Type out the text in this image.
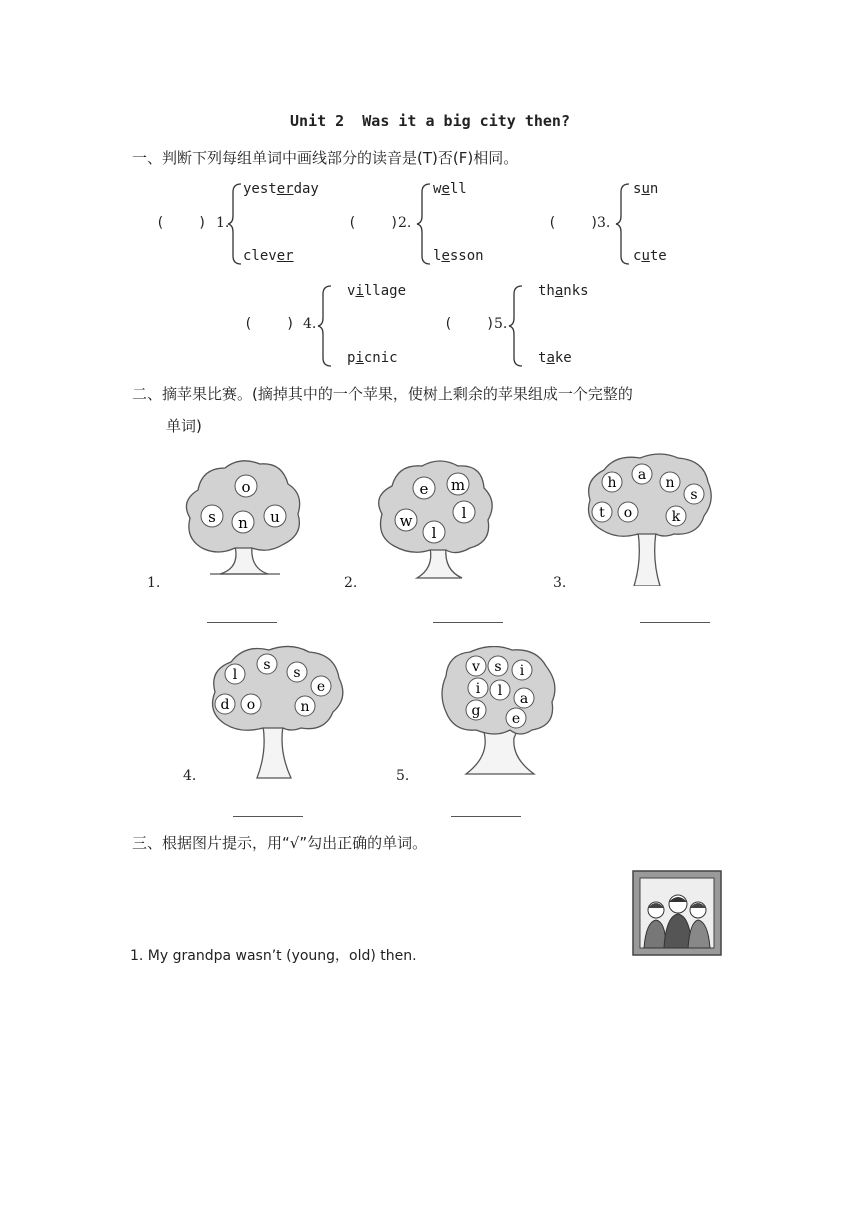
Unit 2  Was it a big city then?
一、判断下列每组单词中画线部分的读音是(T)否(F)相同。
(    ) 1.
yesterday
clever
(    ) 2.
well
lesson
(    )
3.
sun
cute
(    ) 4.
village
picnic
(    ) 5.
thanks
take
二、摘苹果比赛。(摘掉其中的一个苹果，使树上剩余的苹果组成一个完整的
单词)
o
s n u
1.
e m
w	l
l
2.
h a n
s
t o	k
3.
l
s s
e
d o	n
4.
v s i
i l a
g e
5.
三、根据图片提示，用“√”勾出正确的单词。
1. My grandpa wasn’t (young，old) then.
